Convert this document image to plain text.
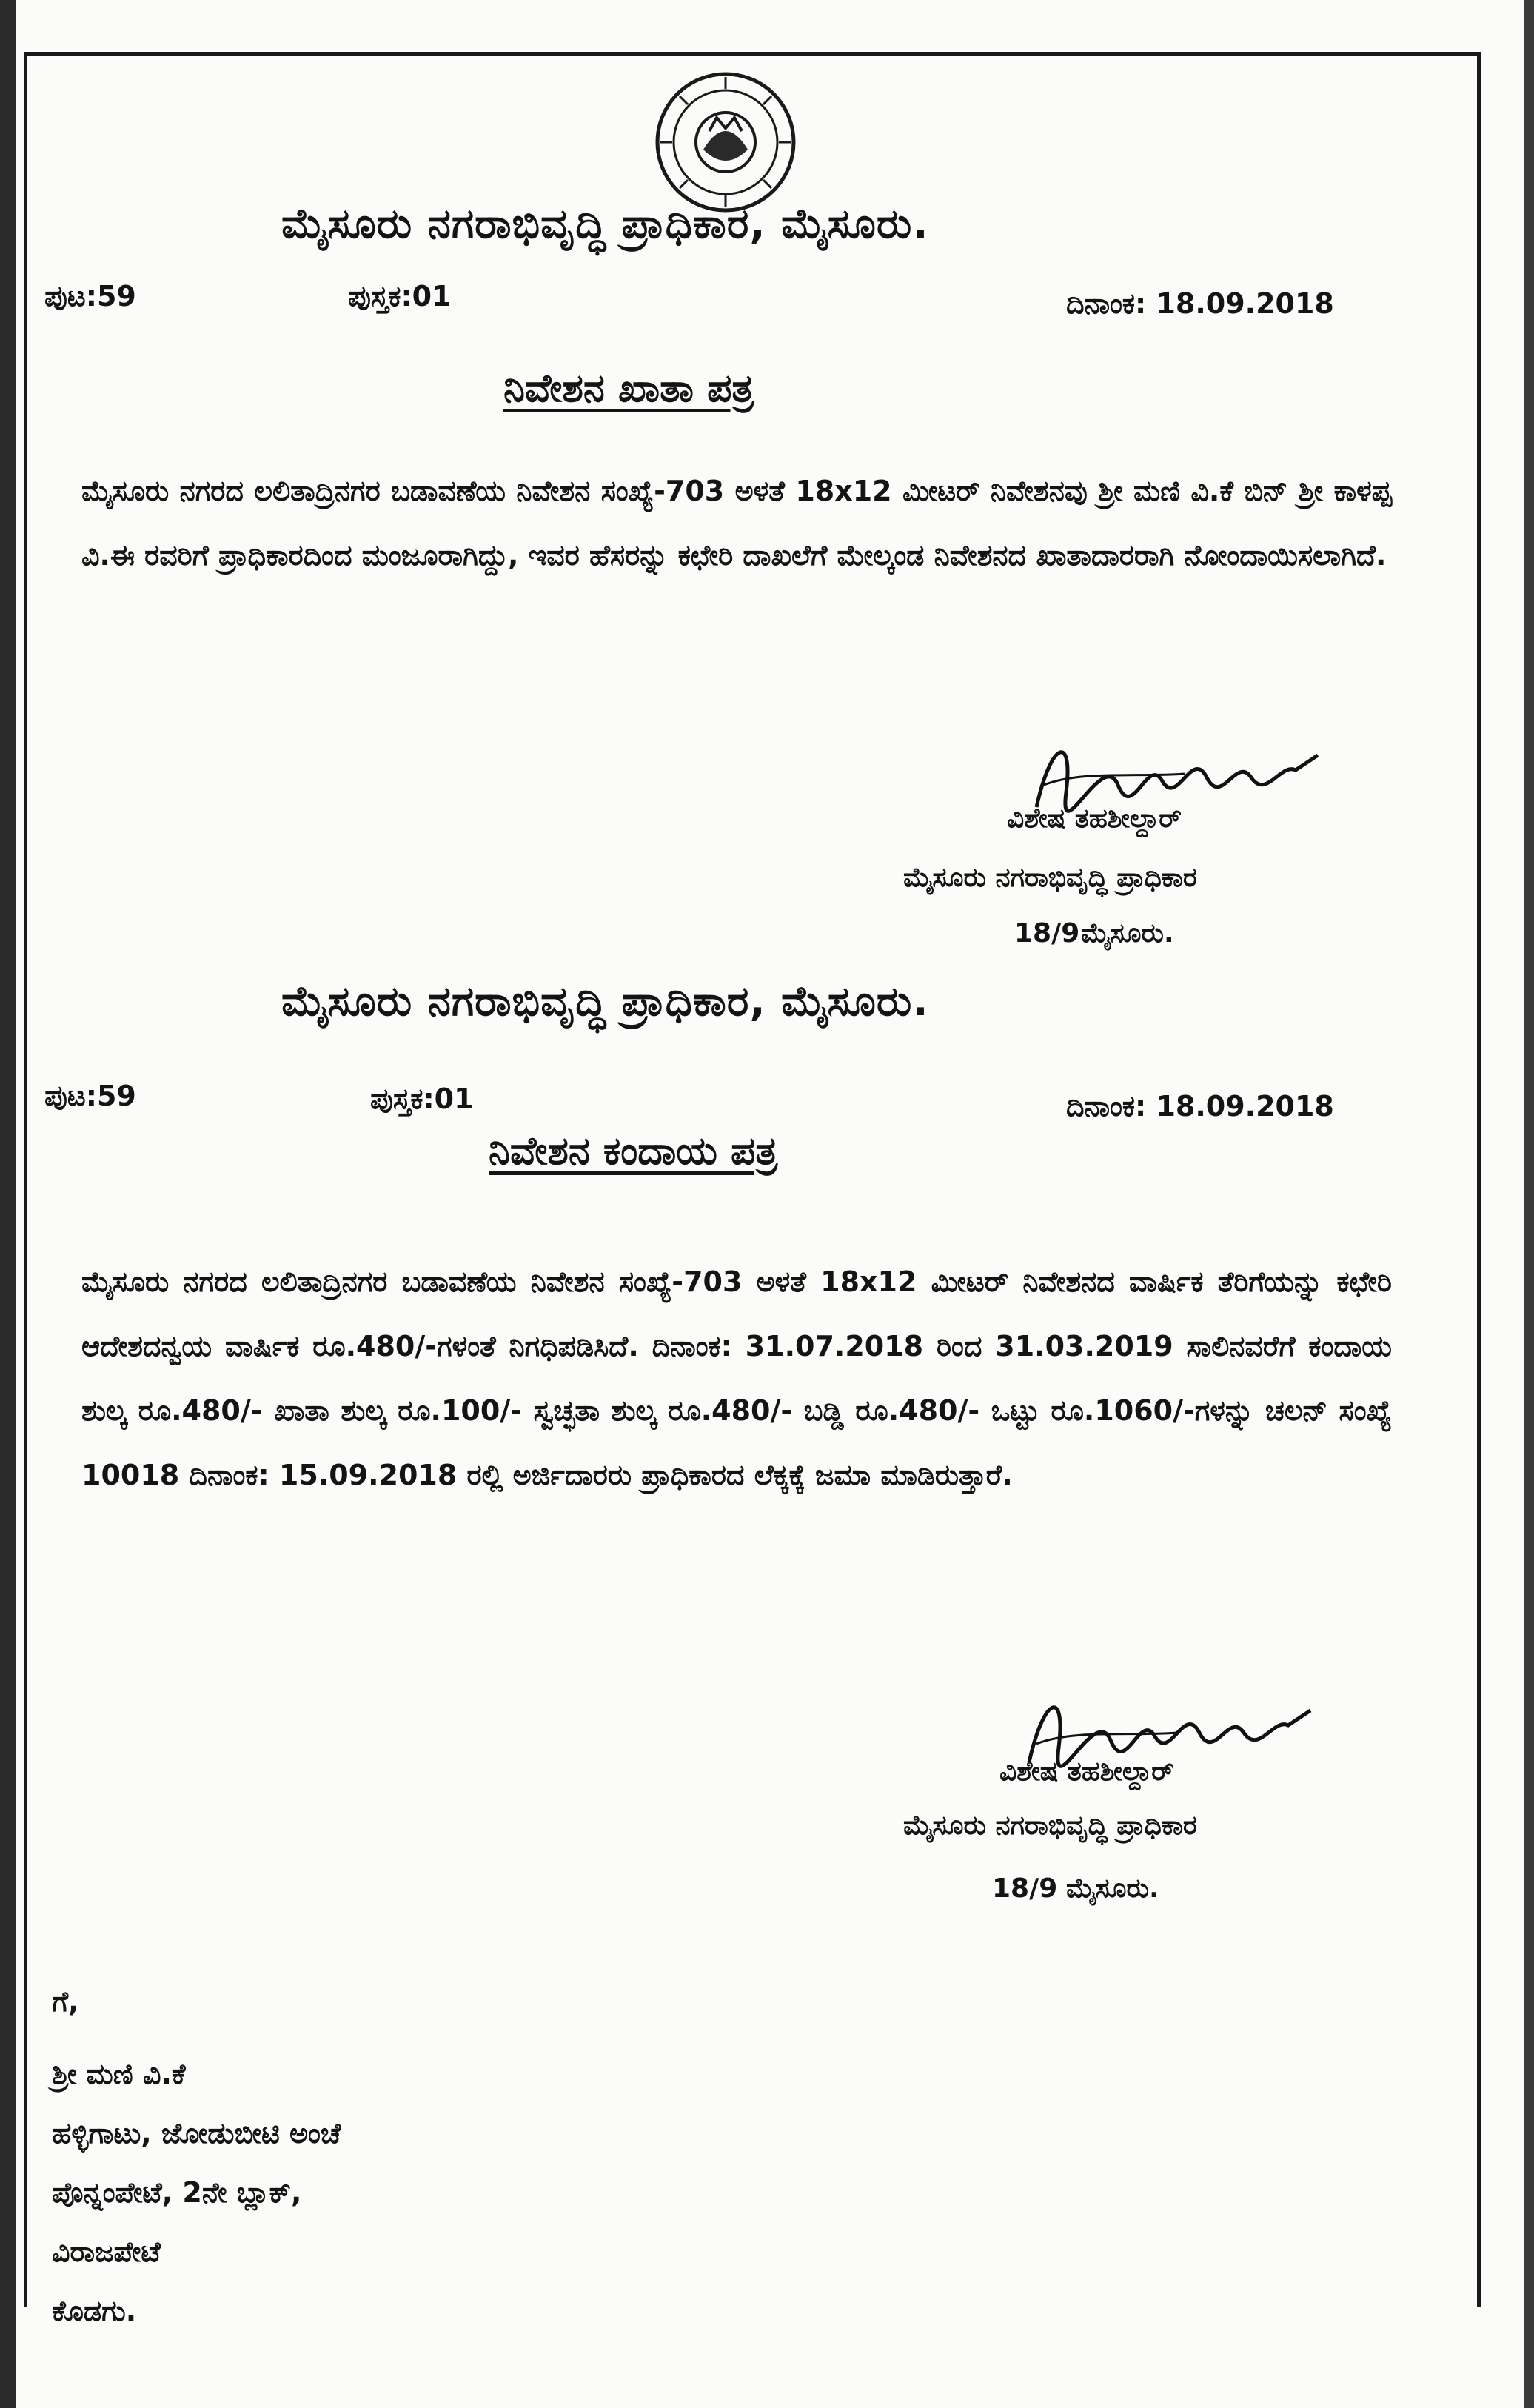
ಮೈಸೂರು ನಗರಾಭಿವೃದ್ಧಿ ಪ್ರಾಧಿಕಾರ, ಮೈಸೂರು.
ಪುಟ:59	ಪುಸ್ತಕ:01	ದಿನಾಂಕ: 18.09.2018
ನಿವೇಶನ ಖಾತಾ ಪತ್ರ
ಮೈಸೂರು ನಗರದ ಲಲಿತಾದ್ರಿನಗರ ಬಡಾವಣೆಯ ನಿವೇಶನ ಸಂಖ್ಯೆ-703 ಅಳತೆ 18x12 ಮೀಟರ್ ನಿವೇಶನವು ಶ್ರೀ ಮಣಿ ವಿ.ಕೆ ಬಿನ್ ಶ್ರೀ ಕಾಳಪ್ಪ ವಿ.ಈ ರವರಿಗೆ ಪ್ರಾಧಿಕಾರದಿಂದ ಮಂಜೂರಾಗಿದ್ದು, ಇವರ ಹೆಸರನ್ನು ಕಛೇರಿ ದಾಖಲೆಗೆ ಮೇಲ್ಕಂಡ ನಿವೇಶನದ ಖಾತಾದಾರರಾಗಿ ನೋಂದಾಯಿಸಲಾಗಿದೆ.
ವಿಶೇಷ ತಹಶೀಲ್ದಾರ್
ಮೈಸೂರು ನಗರಾಭಿವೃದ್ಧಿ ಪ್ರಾಧಿಕಾರ
18/9 ಮೈಸೂರು.
ಮೈಸೂರು ನಗರಾಭಿವೃದ್ಧಿ ಪ್ರಾಧಿಕಾರ, ಮೈಸೂರು.
ಪುಟ:59	ಪುಸ್ತಕ:01	ದಿನಾಂಕ: 18.09.2018
ನಿವೇಶನ ಕಂದಾಯ ಪತ್ರ
ಮೈಸೂರು ನಗರದ ಲಲಿತಾದ್ರಿನಗರ ಬಡಾವಣೆಯ ನಿವೇಶನ ಸಂಖ್ಯೆ-703 ಅಳತೆ 18x12 ಮೀಟರ್ ನಿವೇಶನದ ವಾರ್ಷಿಕ ತೆರಿಗೆಯನ್ನು ಕಛೇರಿ ಆದೇಶದನ್ವಯ ವಾರ್ಷಿಕ ರೂ.480/-ಗಳಂತೆ ನಿಗಧಿಪಡಿಸಿದೆ. ದಿನಾಂಕ: 31.07.2018 ರಿಂದ 31.03.2019 ಸಾಲಿನವರೆಗೆ ಕಂದಾಯ ಶುಲ್ಕ ರೂ.480/- ಖಾತಾ ಶುಲ್ಕ ರೂ.100/- ಸ್ವಚ್ಛತಾ ಶುಲ್ಕ ರೂ.480/- ಬಡ್ಡಿ ರೂ.480/- ಒಟ್ಟು ರೂ.1060/-ಗಳನ್ನು ಚಲನ್ ಸಂಖ್ಯೆ 10018 ದಿನಾಂಕ: 15.09.2018 ರಲ್ಲಿ ಅರ್ಜಿದಾರರು ಪ್ರಾಧಿಕಾರದ ಲೆಕ್ಕಕ್ಕೆ ಜಮಾ ಮಾಡಿರುತ್ತಾರೆ.
ವಿಶೇಷ ತಹಶೀಲ್ದಾರ್
ಮೈಸೂರು ನಗರಾಭಿವೃದ್ಧಿ ಪ್ರಾಧಿಕಾರ
18/9 ಮೈಸೂರು.
ಗೆ,
ಶ್ರೀ ಮಣಿ ವಿ.ಕೆ
ಹಳ್ಳಿಗಾಟು, ಜೋಡುಬೀಟಿ ಅಂಚೆ
ಪೊನ್ನಂಪೇಟೆ, 2ನೇ ಬ್ಲಾಕ್,
ವಿರಾಜಪೇಟೆ
ಕೊಡಗು.
